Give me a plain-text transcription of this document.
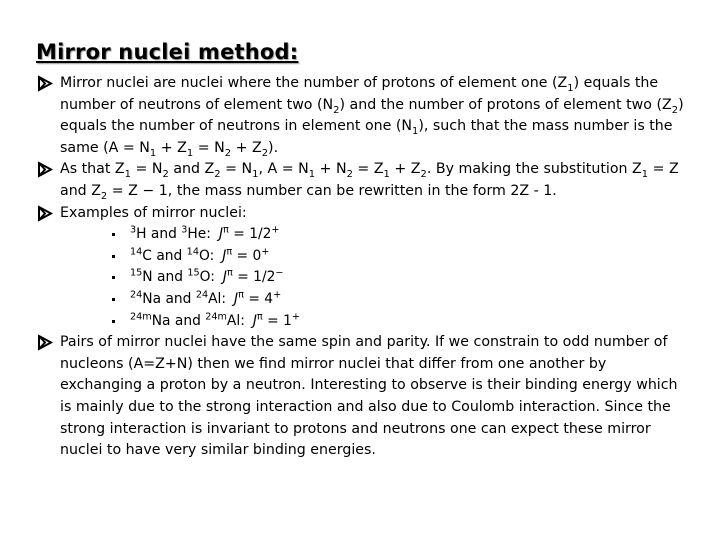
Mirror nuclei method:
Mirror nuclei are nuclei where the number of protons of element one $(Z_1)$ equals the number of neutrons of element two $(N_2)$ and the number of protons of element two $(Z_2)$ equals the number of neutrons in element one $(N_1)$, such that the mass number is the same $(A = N_1 + Z_1 = N_2 + Z_2)$.
As that $Z_1 = N_2$ and $Z_2 = N_1$, $A = N_1 + N_2 = Z_1 + Z_2$. By making the substitution $Z_1 = Z$ and $Z_2 = Z - 1$, the mass number can be rewritten in the form 2Z - 1.
Examples of mirror nuclei:
$^3$H and $^3$He: $J^\pi = 1/2^+$
$^{14}$C and $^{14}$O: $J^\pi = 0^+$
$^{15}$N and $^{15}$O: $J^\pi = 1/2^-$
$^{24}$Na and $^{24}$Al: $J^\pi = 4^+$
$^{24m}$Na and $^{24m}$Al: $J^\pi = 1^+$
Pairs of mirror nuclei have the same spin and parity. If we constrain to odd number of nucleons (A=Z+N) then we find mirror nuclei that differ from one another by exchanging a proton by a neutron. Interesting to observe is their binding energy which is mainly due to the strong interaction and also due to Coulomb interaction. Since the strong interaction is invariant to protons and neutrons one can expect these mirror nuclei to have very similar binding energies.
